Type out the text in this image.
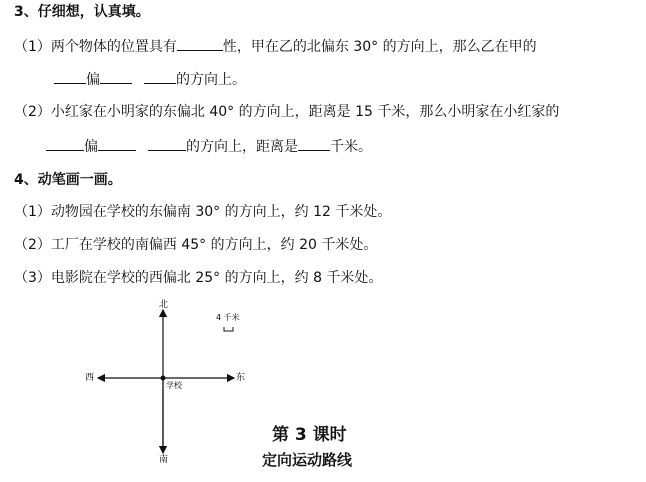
3、仔细想，认真填。
（1）两个物体的位置具有	性，甲在乙的北偏东 30° 的方向上，那么乙在甲的
偏	的方向上。
（2）小红家在小明家的东偏北 40° 的方向上，距离是 15 千米，那么小明家在小红家的
偏	的方向上，距离是 千米。
4、动笔画一画。
（1）动物园在学校的东偏南 30° 的方向上，约 12 千米处。
（2）工厂在学校的南偏西 45° 的方向上，约 20 千米处。
（3）电影院在学校的西偏北 25° 的方向上，约 8 千米处。
北
南
东
西
学校
4 千米
第 3 课时
定向运动路线
